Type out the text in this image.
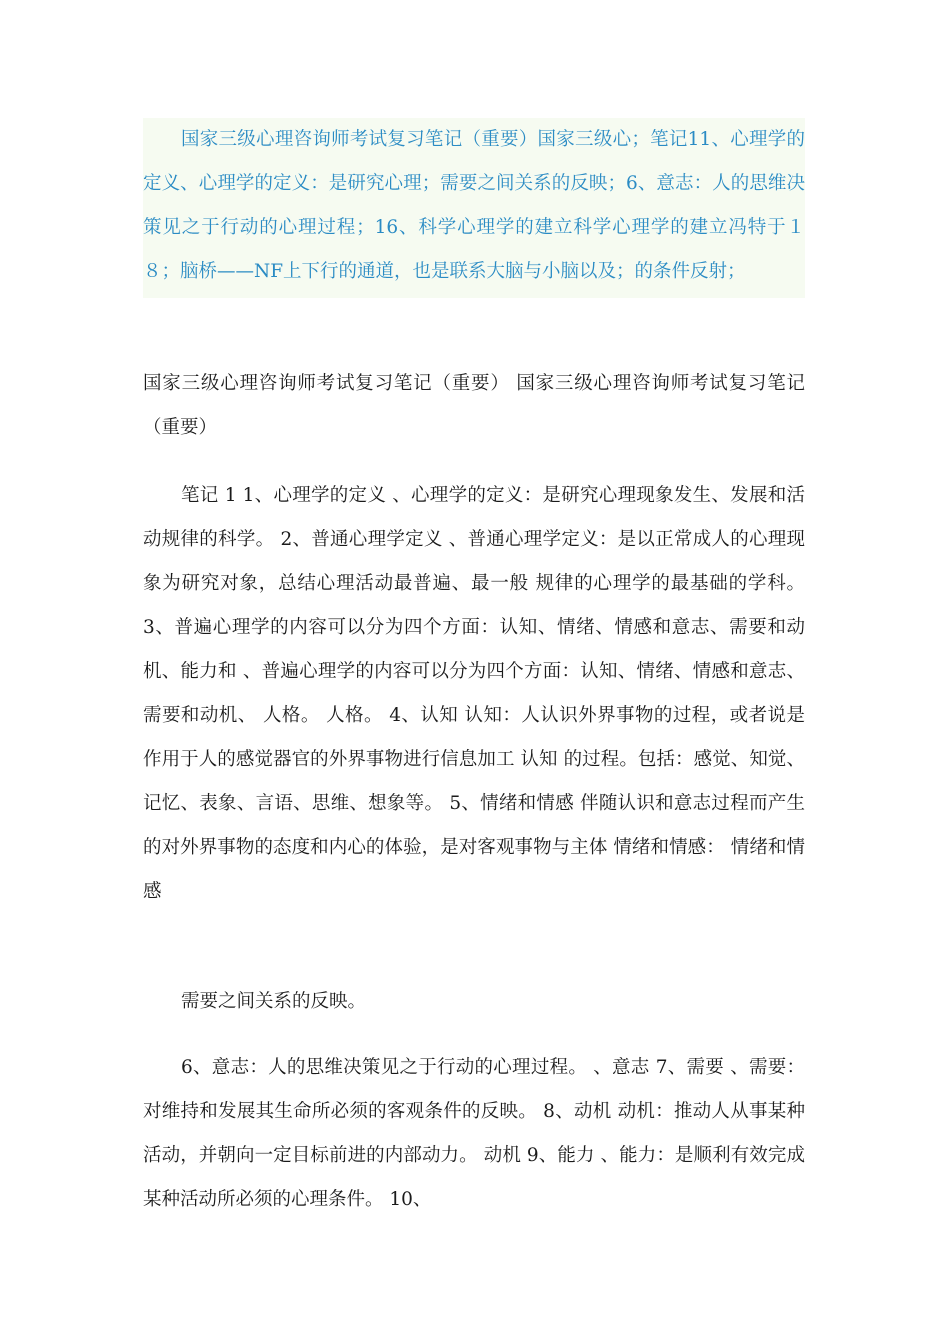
国家三级心理咨询师考试复习笔记（重要）国家三级心；笔记11、心理学的定义、心理学的定义：是研究心理；需要之间关系的反映；6、意志：人的思维决策见之于行动的心理过程；16、科学心理学的建立科学心理学的建立冯特于１８；脑桥——NF上下行的通道，也是联系大脑与小脑以及；的条件反射；

国家三级心理咨询师考试复习笔记（重要） 国家三级心理咨询师考试复习笔记（重要）

笔记 1 1、心理学的定义 、心理学的定义：是研究心理现象发生、发展和活动规律的科学。 2、普通心理学定义 、普通心理学定义：是以正常成人的心理现象为研究对象，总结心理活动最普遍、最一般 规律的心理学的最基础的学科。 3、普遍心理学的内容可以分为四个方面：认知、情绪、情感和意志、需要和动机、能力和 、普遍心理学的内容可以分为四个方面：认知、情绪、情感和意志、需要和动机、 人格。 人格。 4、认知 认知：人认识外界事物的过程，或者说是作用于人的感觉器官的外界事物进行信息加工 认知 的过程。包括：感觉、知觉、记忆、表象、言语、思维、想象等。 5、情绪和情感 伴随认识和意志过程而产生的对外界事物的态度和内心的体验，是对客观事物与主体 情绪和情感： 情绪和情感

需要之间关系的反映。

6、意志：人的思维决策见之于行动的心理过程。 、意志 7、需要 、需要：对维持和发展其生命所必须的客观条件的反映。 8、动机 动机：推动人从事某种活动，并朝向一定目标前进的内部动力。 动机 9、能力 、能力：是顺利有效完成某种活动所必须的心理条件。 10、
